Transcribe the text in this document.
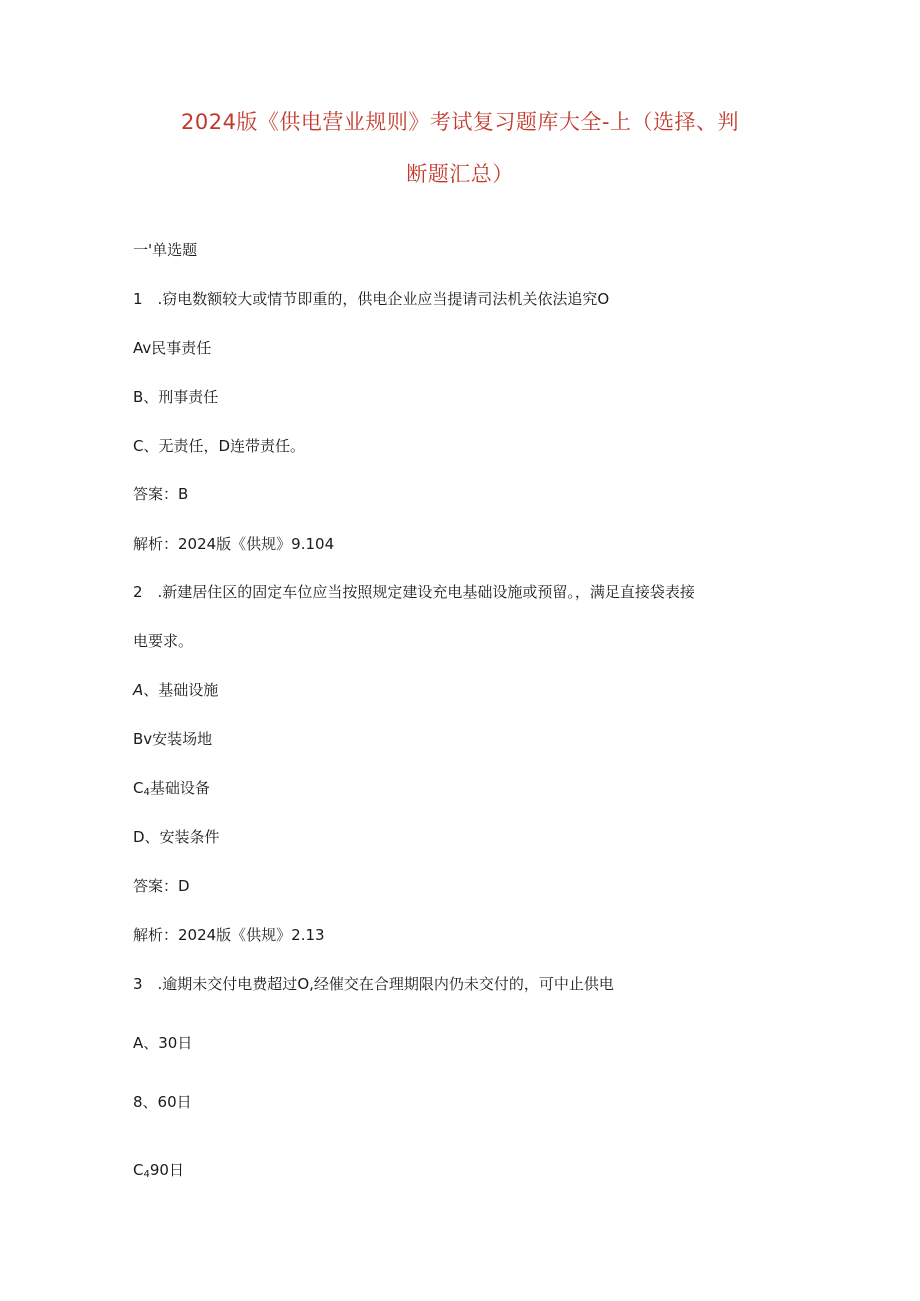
2024版《供电营业规则》考试复习题库大全-上（选择、判
断题汇总）
一'单选题
1　.窃电数额较大或情节即重的，供电企业应当提请司法机关依法追究O
Av民事责任
B、刑事责任
C、无责任，D连带责任。
答案：B
解析：2024版《供规》9.104
2　.新建居住区的固定车位应当按照规定建设充电基础设施或预留。，满足直接袋表接
电要求。
A、基础设施
Bv安装场地
$C_4$基础设备
D、安装条件
答案：D
解析：2024版《供规》2.13
3　.逾期未交付电费超过O,经催交在合理期限内仍未交付的，可中止供电
A、30日
8、60日
$C_490$日
